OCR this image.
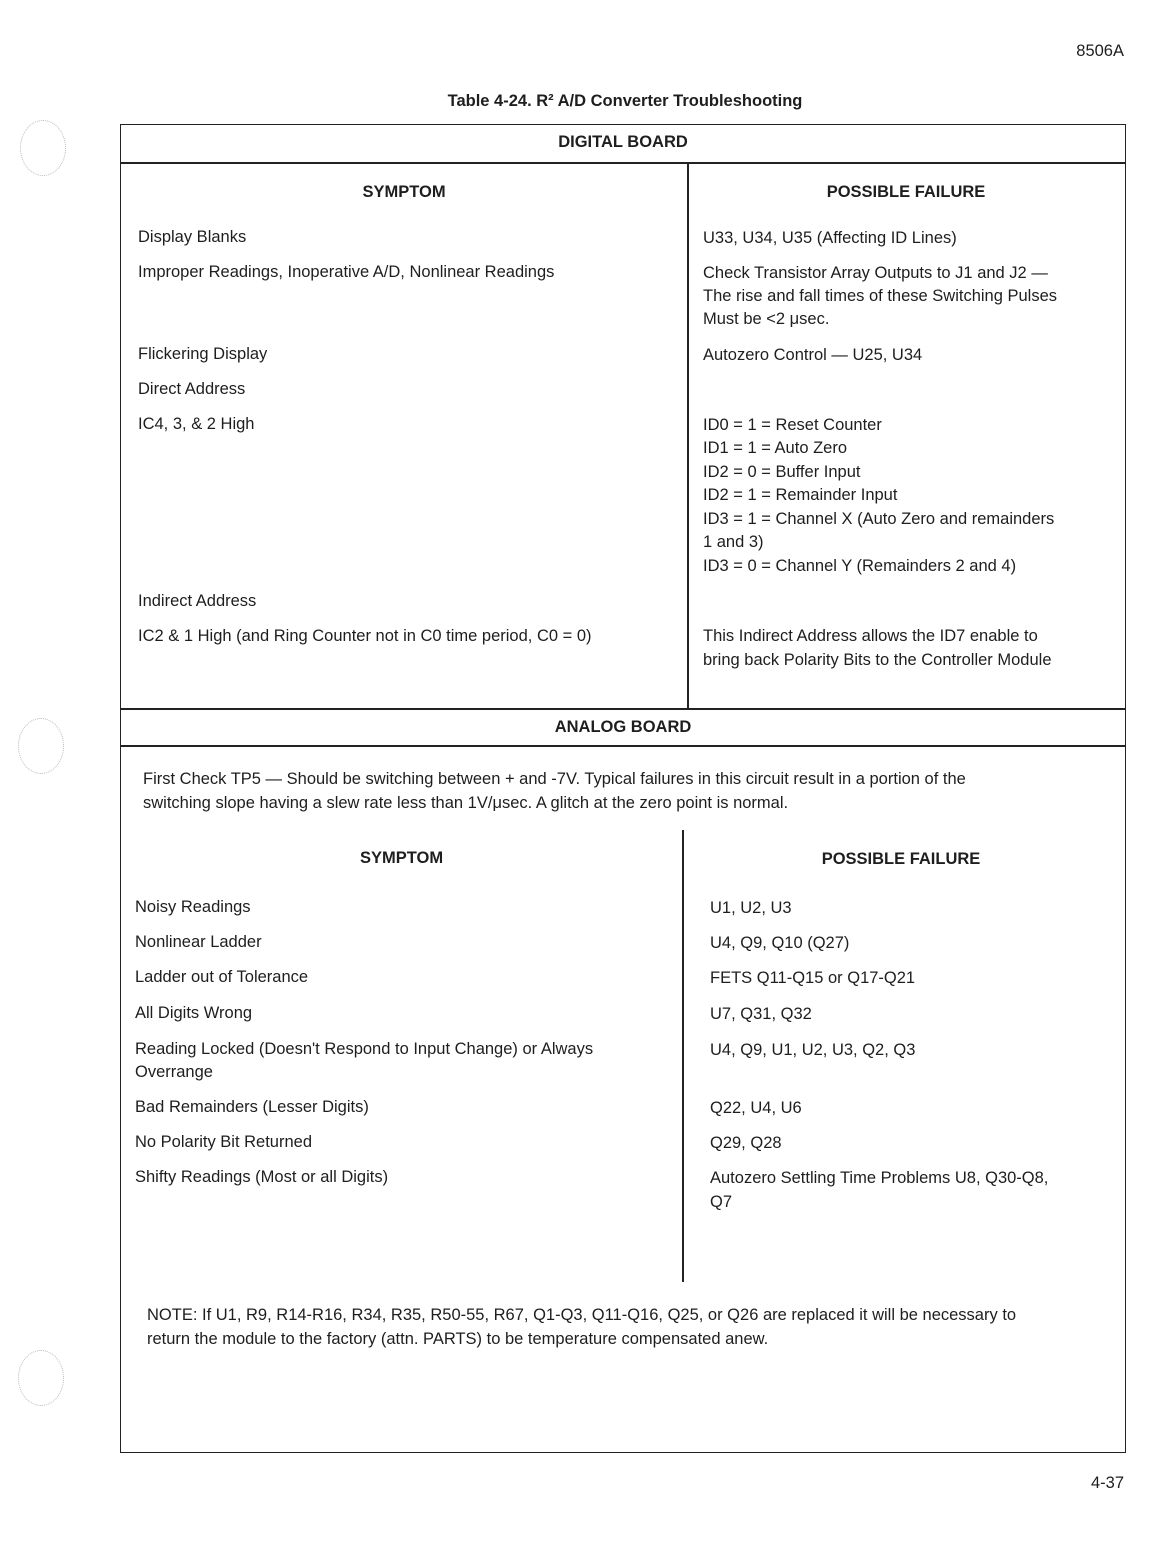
8506A
Table 4-24. R² A/D Converter Troubleshooting
DIGITAL BOARD
SYMPTOM	POSSIBLE FAILURE
Display Blanks
Improper Readings, Inoperative A/D, Nonlinear Readings
Flickering Display
Direct Address
IC4, 3, & 2 High
Indirect Address
IC2 & 1 High (and Ring Counter not in C0 time period, C0 = 0)
U33, U34, U35 (Affecting ID Lines)
Check Transistor Array Outputs to J1 and J2 —
The rise and fall times of these Switching Pulses
Must be <2 μsec.
Autozero Control — U25, U34
ID0 = 1 = Reset Counter
ID1 = 1 = Auto Zero
ID2 = 0 = Buffer Input
ID2 = 1 = Remainder Input
ID3 = 1 = Channel X (Auto Zero and remainders
1 and 3)
ID3 = 0 = Channel Y (Remainders 2 and 4)
This Indirect Address allows the ID7 enable to
bring back Polarity Bits to the Controller Module
ANALOG BOARD
First Check TP5 — Should be switching between + and -7V. Typical failures in this circuit result in a portion of the
switching slope having a slew rate less than 1V/μsec. A glitch at the zero point is normal.
SYMPTOM	POSSIBLE FAILURE
Noisy Readings
Nonlinear Ladder
Ladder out of Tolerance
All Digits Wrong
Reading Locked (Doesn't Respond to Input Change) or Always
Overrange
Bad Remainders (Lesser Digits)
No Polarity Bit Returned
Shifty Readings (Most or all Digits)
U1, U2, U3
U4, Q9, Q10 (Q27)
FETS Q11-Q15 or Q17-Q21
U7, Q31, Q32
U4, Q9, U1, U2, U3, Q2, Q3
Q22, U4, U6
Q29, Q28
Autozero Settling Time Problems U8, Q30-Q8,
Q7
NOTE: If U1, R9, R14-R16, R34, R35, R50-55, R67, Q1-Q3, Q11-Q16, Q25, or Q26 are replaced it will be necessary to
return the module to the factory (attn. PARTS) to be temperature compensated anew.
4-37
